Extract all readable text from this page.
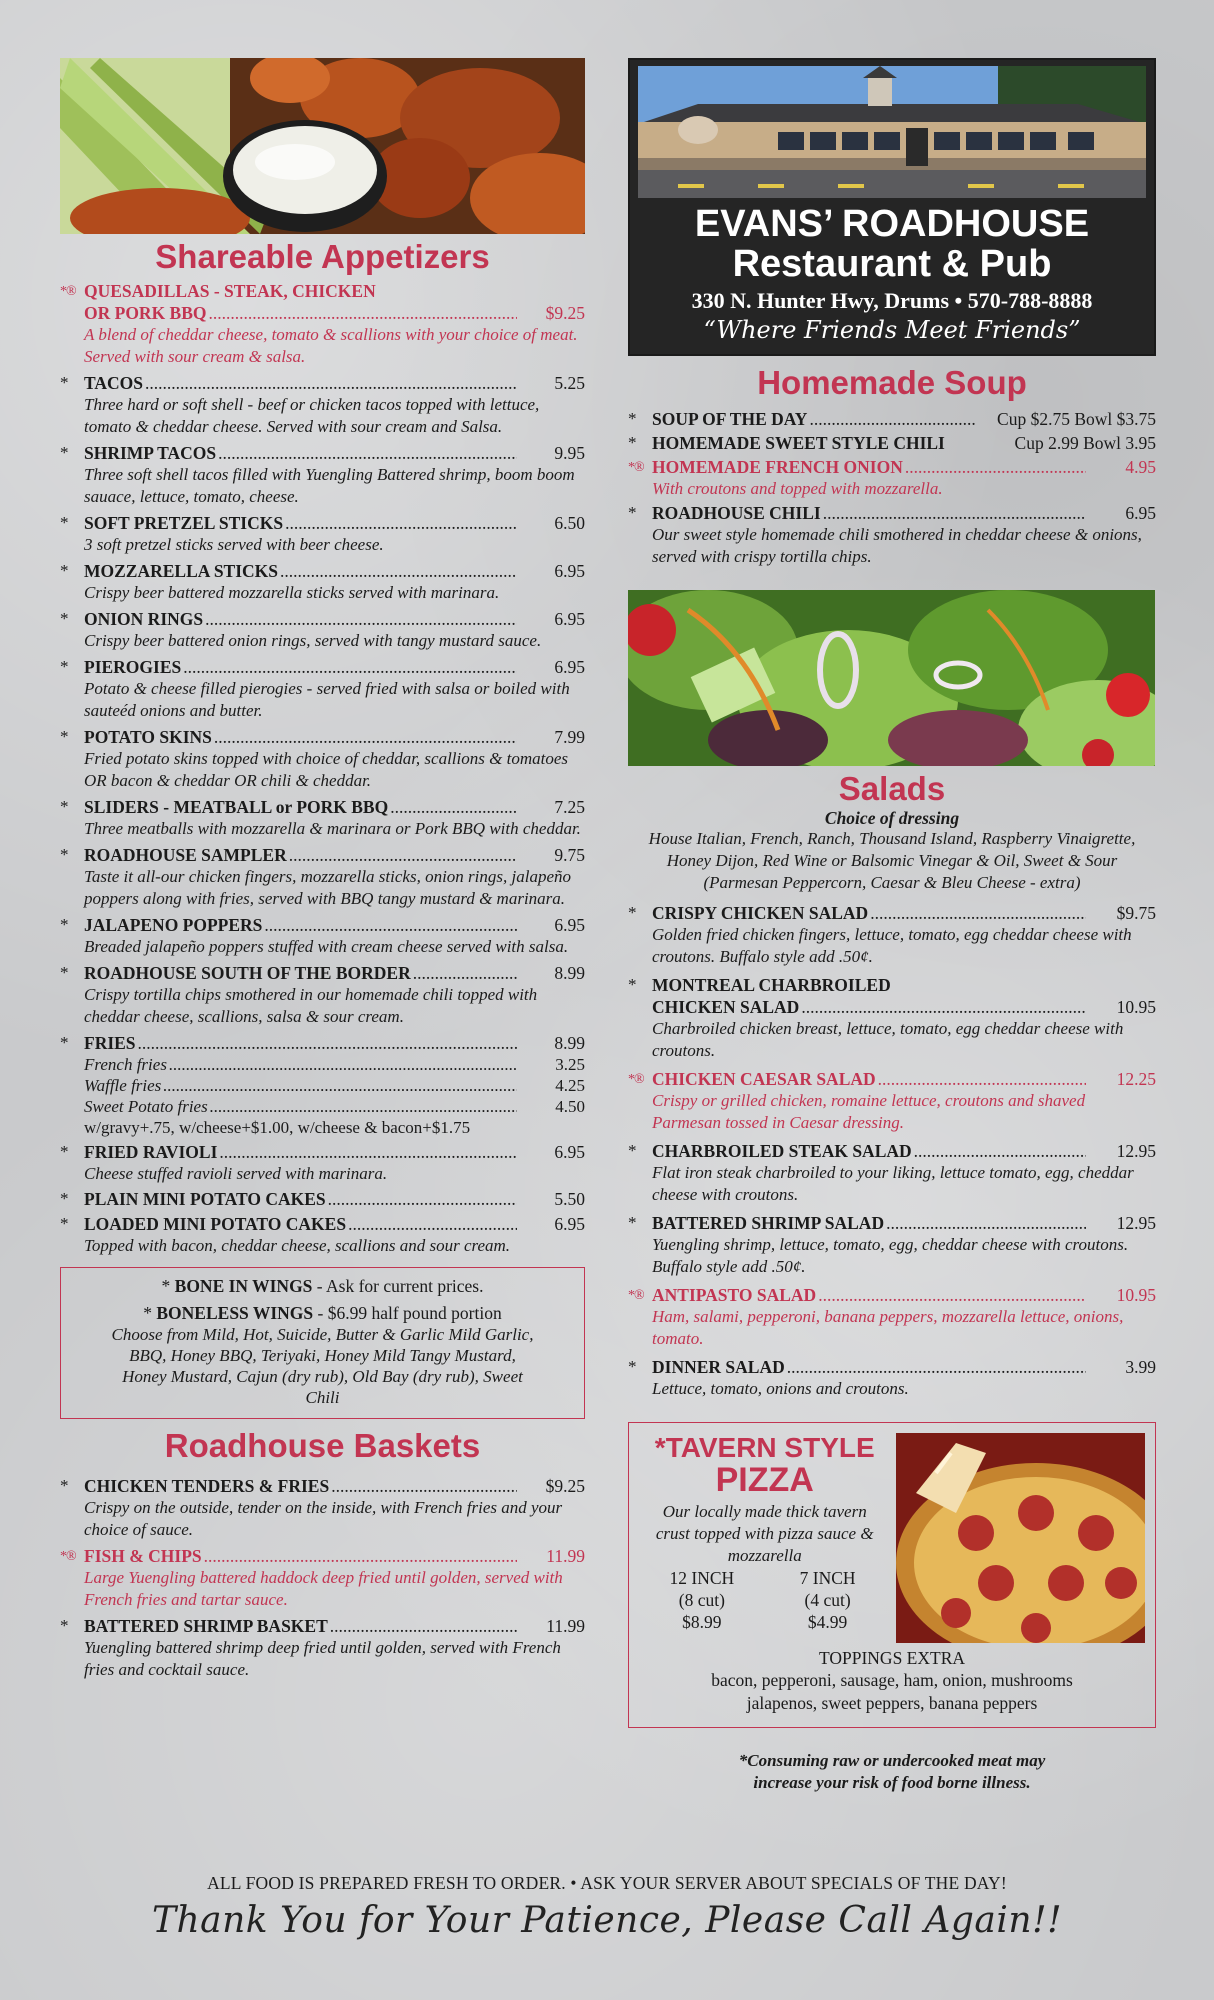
Shareable Appetizers
*® QUESADILLAS - STEAK, CHICKEN
OR PORK BBQ .....	$9.25
A blend of cheddar cheese, tomato & scallions with your choice of meat. Served with sour cream & salsa.
* TACOS .....	5.25
Three hard or soft shell - beef or chicken tacos topped with lettuce, tomato & cheddar cheese. Served with sour cream and Salsa.
* SHRIMP TACOS .....	9.95
Three soft shell tacos filled with Yuengling Battered shrimp, boom boom sauace, lettuce, tomato, cheese.
* SOFT PRETZEL STICKS .....	6.50
3 soft pretzel sticks served with beer cheese.
* MOZZARELLA STICKS .....	6.95
Crispy beer battered mozzarella sticks served with marinara.
* ONION RINGS .....	6.95
Crispy beer battered onion rings, served with tangy mustard sauce.
* PIEROGIES .....	6.95
Potato & cheese filled pierogies - served fried with salsa or boiled with sauteéd onions and butter.
* POTATO SKINS .....	7.99
Fried potato skins topped with choice of cheddar, scallions & tomatoes OR bacon & cheddar OR chili & cheddar.
* SLIDERS - MEATBALL or PORK BBQ .....	7.25
Three meatballs with mozzarella & marinara or Pork BBQ with cheddar.
* ROADHOUSE SAMPLER .....	9.75
Taste it all-our chicken fingers, mozzarella sticks, onion rings, jalapeño poppers along with fries, served with BBQ tangy mustard & marinara.
* JALAPENO POPPERS .....	6.95
Breaded jalapeño poppers stuffed with cream cheese served with salsa.
* ROADHOUSE SOUTH OF THE BORDER .....	8.99
Crispy tortilla chips smothered in our homemade chili topped with cheddar cheese, scallions, salsa & sour cream.
* FRIES .....	8.99
French fries .....	3.25
Waffle fries .....	4.25
Sweet Potato fries .....	4.50
w/gravy+.75, w/cheese+$1.00, w/cheese & bacon+$1.75
* FRIED RAVIOLI .....	6.95
Cheese stuffed ravioli served with marinara.
* PLAIN MINI POTATO CAKES .....	5.50
* LOADED MINI POTATO CAKES .....	6.95
Topped with bacon, cheddar cheese, scallions and sour cream.
* BONE IN WINGS - Ask for current prices.
* BONELESS WINGS - $6.99 half pound portion
Choose from Mild, Hot, Suicide, Butter & Garlic Mild Garlic, BBQ, Honey BBQ, Teriyaki, Honey Mild Tangy Mustard, Honey Mustard, Cajun (dry rub), Old Bay (dry rub), Sweet Chili
Roadhouse Baskets
* CHICKEN TENDERS & FRIES .....	$9.25
Crispy on the outside, tender on the inside, with French fries and your choice of sauce.
*® FISH & CHIPS .....	11.99
Large Yuengling battered haddock deep fried until golden, served with French fries and tartar sauce.
* BATTERED SHRIMP BASKET .....	11.99
Yuengling battered shrimp deep fried until golden, served with French fries and cocktail sauce.
EVANS’ ROADHOUSE
Restaurant & Pub
330 N. Hunter Hwy, Drums • 570-788-8888
“Where Friends Meet Friends”
Homemade Soup
* SOUP OF THE DAY .....	Cup $2.75 Bowl $3.75
* HOMEMADE SWEET STYLE CHILI	Cup 2.99 Bowl 3.95
*® HOMEMADE FRENCH ONION .....	4.95
With croutons and topped with mozzarella.
* ROADHOUSE CHILI .....	6.95
Our sweet style homemade chili smothered in cheddar cheese & onions, served with crispy tortilla chips.
Salads
Choice of dressing
House Italian, French, Ranch, Thousand Island, Raspberry Vinaigrette, Honey Dijon, Red Wine or Balsomic Vinegar & Oil, Sweet & Sour (Parmesan Peppercorn, Caesar & Bleu Cheese - extra)
* CRISPY CHICKEN SALAD .....	$9.75
Golden fried chicken fingers, lettuce, tomato, egg cheddar cheese with croutons. Buffalo style add .50¢.
* MONTREAL CHARBROILED
CHICKEN SALAD .....	10.95
Charbroiled chicken breast, lettuce, tomato, egg cheddar cheese with croutons.
*® CHICKEN CAESAR SALAD .....	12.25
Crispy or grilled chicken, romaine lettuce, croutons and shaved Parmesan tossed in Caesar dressing.
* CHARBROILED STEAK SALAD .....	12.95
Flat iron steak charbroiled to your liking, lettuce tomato, egg, cheddar cheese with croutons.
* BATTERED SHRIMP SALAD .....	12.95
Yuengling shrimp, lettuce, tomato, egg, cheddar cheese with croutons. Buffalo style add .50¢.
*® ANTIPASTO SALAD .....	10.95
Ham, salami, pepperoni, banana peppers, mozzarella lettuce, onions, tomato.
* DINNER SALAD .....	3.99
Lettuce, tomato, onions and croutons.
*TAVERN STYLE
PIZZA
Our locally made thick tavern crust topped with pizza sauce & mozzarella
12 INCH	7 INCH
(8 cut)	(4 cut)
$8.99	$4.99
TOPPINGS EXTRA
bacon, pepperoni, sausage, ham, onion, mushrooms jalapenos, sweet peppers, banana peppers
*Consuming raw or undercooked meat may increase your risk of food borne illness.
ALL FOOD IS PREPARED FRESH TO ORDER. • ASK YOUR SERVER ABOUT SPECIALS OF THE DAY!
Thank You for Your Patience, Please Call Again!!
